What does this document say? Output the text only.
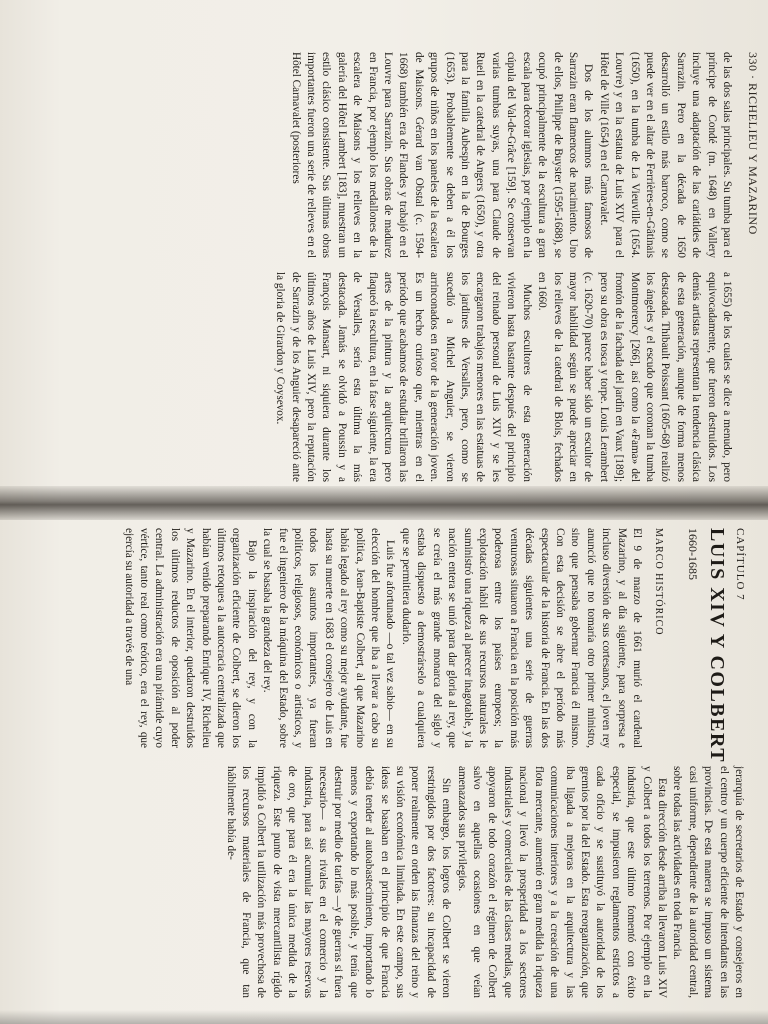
330 · RICHELIEU Y MAZARINO

de las dos salas principales. Su tumba para el príncipe de Condé (m. 1648) en Vallery incluye una adaptación de las cariátides de Sarrazin. Pero en la década de 1650 desarrolló un estilo más barroco, como se puede ver en el altar de Ferrières-en-Gâtinais (1650), en la tumba de La Vieuville (1654. Louvre) y en la estatua de Luis XIV para el Hôtel de Ville (1654) en el Carnavalet.

Dos de los alumnos más famosos de Sarrazin eran flamencos de nacimiento. Uno de ellos, Philippe de Buyster (1595-1688), se ocupó principalmente de la escultura a gran escala para decorar iglesias, por ejemplo en la cúpula del Val-de-Grâce [159]. Se conservan varias tumbas suyas, una para Claude de Rueil en la catedral de Angers (1650), y otra para la familia Aubespin en la de Bourges (1653). Probablemente se deben a él los grupos de niños en los paneles de la escalera de Maisons. Gérard van Obstal (c. 1594-1668) también era de Flandes y trabajó en el Louvre para Sarrazin. Sus obras de madurez en Francia, por ejemplo los medallones de la escalera de Maisons y los relieves en la galería del Hôtel Lambert [183], muestran un estilo clásico consistente. Sus últimas obras importantes fueron una serie de relieves en el Hôtel Carnavalet (posteriores

a 1655) de los cuales se dice a menudo, pero equivocadamente, que fueron destruidos. Los demás artistas representan la tendencia clásica de esta generación, aunque de forma menos destacada. Thibault Poissant (1605-68) realizó los ángeles y el escudo que coronan la tumba Montmorency [266], así como la «Fama» del frontón de la fachada del jardín en Vaux [189]; pero su obra es tosca y torpe. Louis Lerambert (c. 1620-70) parece haber sido un escultor de mayor habilidad según se puede apreciar en los relieves de la catedral de Blois, fechados en 1660.

Muchos escultores de esta generación vivieron hasta bastante después del principio del reinado personal de Luis XIV y se les encargaron trabajos menores en las estatuas de los jardines de Versalles, pero, como se sucedió a Michel Anguier, se vieron arrinconados en favor de la generación joven. Es un hecho curioso que, mientras en el período que acabamos de estudiar brillaron las artes de la pintura y la arquitectura pero flaqueó la escultura, en la fase siguiente, la era de Versalles, sería esta última la más destacada. Jamás se olvidó a Poussin y a François Mansart, ni siquiera durante los últimos años de Luis XIV, pero la reputación de Sarrazin y de los Anguier desapareció ante la gloria de Girardon y Coysevox.

CAPÍTULO 7
LUIS XIV Y COLBERT
1660-1685
MARCO HISTÓRICO

El 9 de marzo de 1661 murió el cardenal Mazarino, y al día siguiente, para sorpresa e incluso diversión de sus cortesanos, el joven rey anunció que no tomaría otro primer ministro, sino que pensaba gobernar Francia él mismo. Con esta decisión se abre el período más espectacular de la historia de Francia. En las dos décadas siguientes una serie de guerras venturosas situaron a Francia en la posición más poderosa entre los países europeos; la explotación hábil de sus recursos naturales le suministró una riqueza al parecer inagotable, y la nación entera se unió para dar gloria al rey, que se creía el más grande monarca del siglo y estaba dispuesto a demostrárselo a cualquiera que se permitiera dudarlo.

Luis fue afortunado —o tal vez sabio— en su elección del hombre que iba a llevar a cabo su política, Jean-Baptiste Colbert, al que Mazarino había legado al rey como su mejor ayudante, fue hasta su muerte en 1683 el consejero de Luis en todos los asuntos importantes, ya fueran políticos, religiosos, económicos o artísticos, y fue el ingeniero de la máquina del Estado, sobre la cual se basaba la grandeza del rey.

Bajo la inspiración del rey, y con la organización eficiente de Colbert, se dieron los últimos retoques a la autocracia centralizada que habían venido preparando Enrique IV, Richelieu y Mazarino. En el interior, quedaron destruidos los últimos reductos de oposición al poder central. La administración era una pirámide cuyo vértice, tanto real como teórico, era el rey, que ejercía su autoridad a través de una

jerarquía de secretarios de Estado y consejeros en el centro y un cuerpo eficiente de intendants en las provincias. De esta manera se impuso un sistema casi uniforme, dependiente de la autoridad central, sobre todas las actividades en toda Francia.

Esta dirección desde arriba la llevaron Luis XIV y Colbert a todos los terrenos. Por ejemplo en la industria, que este último fomentó con éxito especial, se impusieron reglamentos estrictos a cada oficio y se sustituyó la autoridad de los gremios por la del Estado. Esta reorganización, que iba ligada a mejoras en la arquitectura y las comunicaciones interiores y a la creación de una flota mercante, aumentó en gran medida la riqueza nacional y llevó la prosperidad a los sectores industriales y comerciales de las clases medias, que apoyaron de todo corazón el régimen de Colbert salvo en aquellas ocasiones en que veían amenazados sus privilegios.

Sin embargo, los logros de Colbert se vieron restringidos por dos factores: su incapacidad de poner realmente en orden las finanzas del reino y su visión económica limitada. En este campo, sus ideas se basaban en el principio de que Francia debía tender al autoabastecimiento, importando lo menos y exportando lo más posible, y tenía que destruir por medio de tarifas —y de guerras si fuera necesario— a sus rivales en el comercio y la industria, para así acumular las mayores reservas de oro, que para él era la única medida de la riqueza. Este punto de vista mercantilista rígido impidió a Colbert la utilización más provechosa de los recursos materiales de Francia, que tan hábilmente había de-
